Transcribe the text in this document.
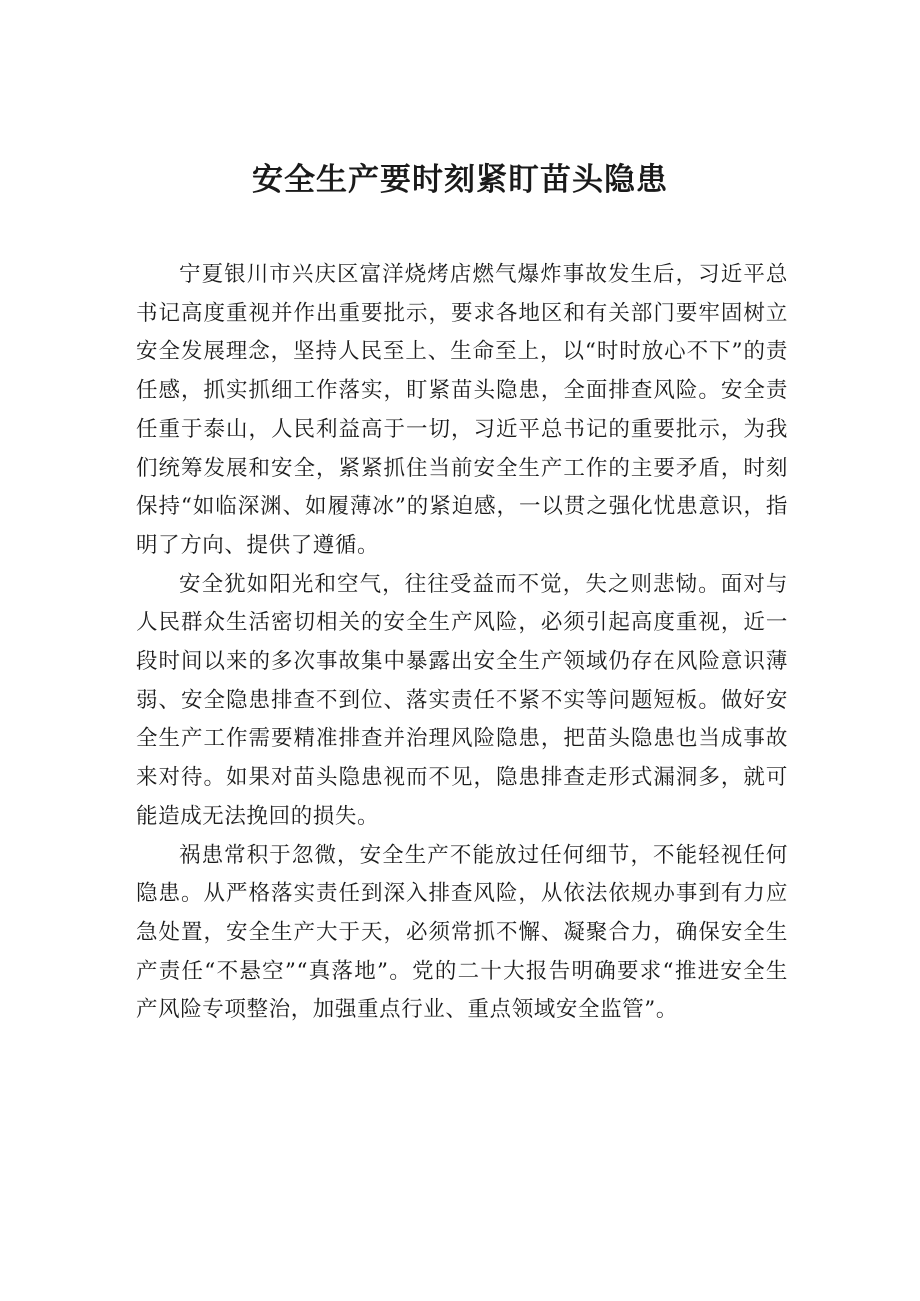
安全生产要时刻紧盯苗头隐患

宁夏银川市兴庆区富洋烧烤店燃气爆炸事故发生后，习近平总书记高度重视并作出重要批示，要求各地区和有关部门要牢固树立安全发展理念，坚持人民至上、生命至上，以“时时放心不下”的责任感，抓实抓细工作落实，盯紧苗头隐患，全面排查风险。安全责任重于泰山，人民利益高于一切，习近平总书记的重要批示，为我们统筹发展和安全，紧紧抓住当前安全生产工作的主要矛盾，时刻保持“如临深渊、如履薄冰”的紧迫感，一以贯之强化忧患意识，指明了方向、提供了遵循。

安全犹如阳光和空气，往往受益而不觉，失之则悲恸。面对与人民群众生活密切相关的安全生产风险，必须引起高度重视，近一段时间以来的多次事故集中暴露出安全生产领域仍存在风险意识薄弱、安全隐患排查不到位、落实责任不紧不实等问题短板。做好安全生产工作需要精准排查并治理风险隐患，把苗头隐患也当成事故来对待。如果对苗头隐患视而不见，隐患排查走形式漏洞多，就可能造成无法挽回的损失。

祸患常积于忽微，安全生产不能放过任何细节，不能轻视任何隐患。从严格落实责任到深入排查风险，从依法依规办事到有力应急处置，安全生产大于天，必须常抓不懈、凝聚合力，确保安全生产责任“不悬空”“真落地”。党的二十大报告明确要求“推进安全生产风险专项整治，加强重点行业、重点领域安全监管”。
